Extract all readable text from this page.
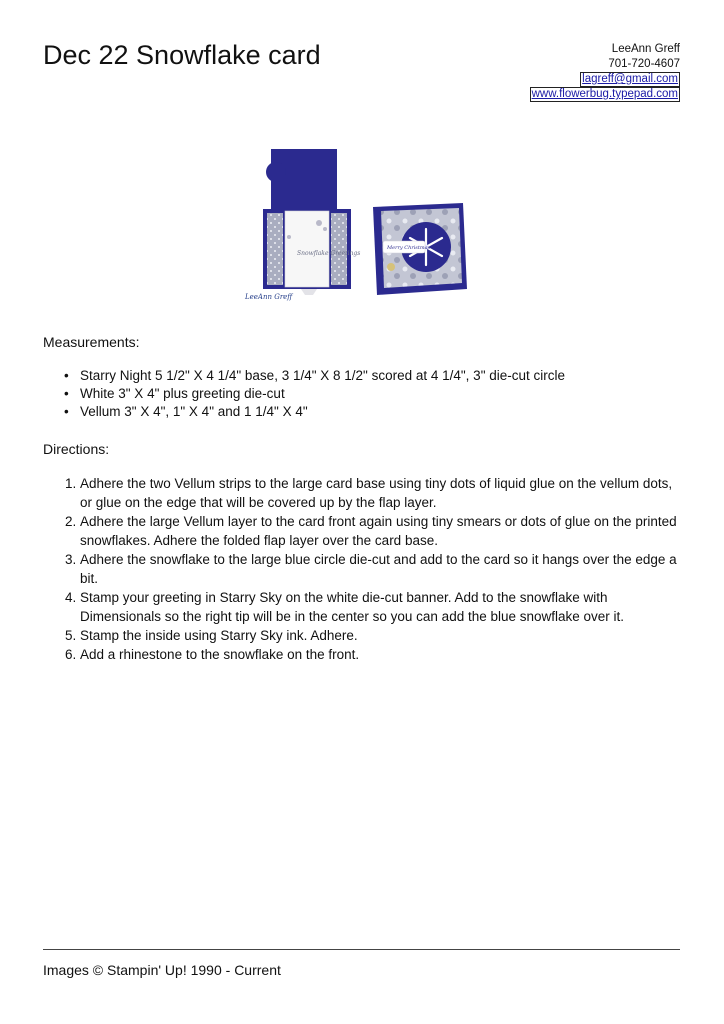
Dec 22 Snowflake card	LeeAnn Greff
701-720-4607
lagreff@gmail.com
www.flowerbug.typepad.com
Snowflake Greetings
Merry Christmas
LeeAnn Greff
Measurements:
• Starry Night 5 1/2" X 4 1/4" base, 3 1/4" X 8 1/2" scored at 4 1/4", 3" die-cut circle
• White 3" X 4" plus greeting die-cut
• Vellum 3" X 4", 1" X 4" and 1 1/4" X 4"
Directions:
1. Adhere the two Vellum strips to the large card base using tiny dots of liquid glue on the vellum dots, or glue on the edge that will be covered up by the flap layer.
2. Adhere the large Vellum layer to the card front again using tiny smears or dots of glue on the printed snowflakes. Adhere the folded flap layer over the card base.
3. Adhere the snowflake to the large blue circle die-cut and add to the card so it hangs over the edge a bit.
4. Stamp your greeting in Starry Sky on the white die-cut banner. Add to the snowflake with Dimensionals so the right tip will be in the center so you can add the blue snowflake over it.
5. Stamp the inside using Starry Sky ink. Adhere.
6. Add a rhinestone to the snowflake on the front.
Images © Stampin' Up! 1990 - Current
